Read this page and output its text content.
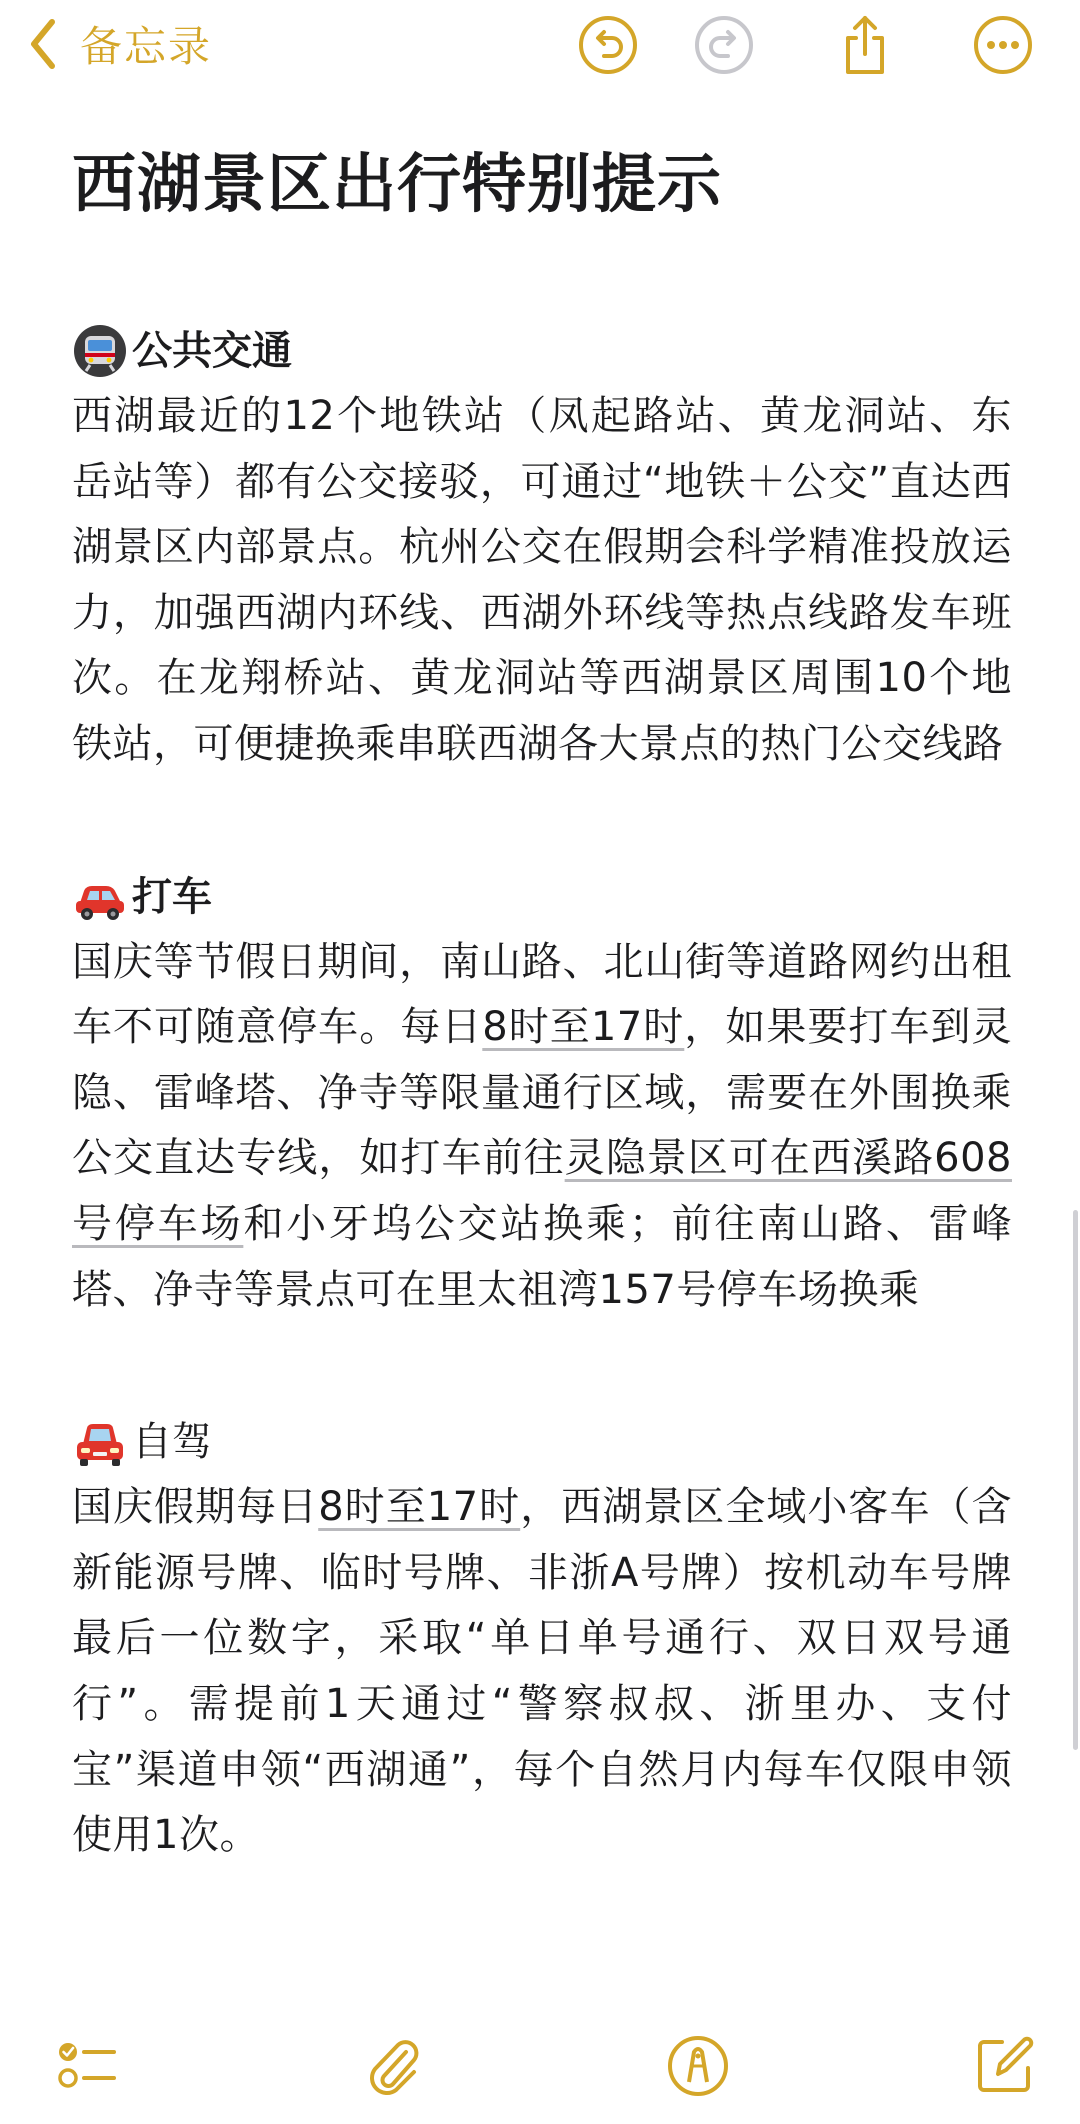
备忘录
西湖景区出行特别提示
公共交通

西湖最近的12个地铁站（凤起路站、黄龙洞站、东岳站等）都有公交接驳，可通过“地铁＋公交”直达西湖景区内部景点。杭州公交在假期会科学精准投放运力，加强西湖内环线、西湖外环线等热点线路发车班次。在龙翔桥站、黄龙洞站等西湖景区周围10个地铁站，可便捷换乘串联西湖各大景点的热门公交线路

打车

国庆等节假日期间，南山路、北山街等道路网约出租车不可随意停车。每日8时至17时，如果要打车到灵隐、雷峰塔、净寺等限量通行区域，需要在外围换乘公交直达专线，如打车前往灵隐景区可在西溪路608号停车场和小牙坞公交站换乘；前往南山路、雷峰塔、净寺等景点可在里太祖湾157号停车场换乘

自驾

国庆假期每日8时至17时，西湖景区全域小客车（含新能源号牌、临时号牌、非浙A号牌）按机动车号牌最后一位数字，采取“单日单号通行、双日双号通行”。需提前1天通过“警察叔叔、浙里办、支付宝”渠道申领“西湖通”，每个自然月内每车仅限申领使用1次。
